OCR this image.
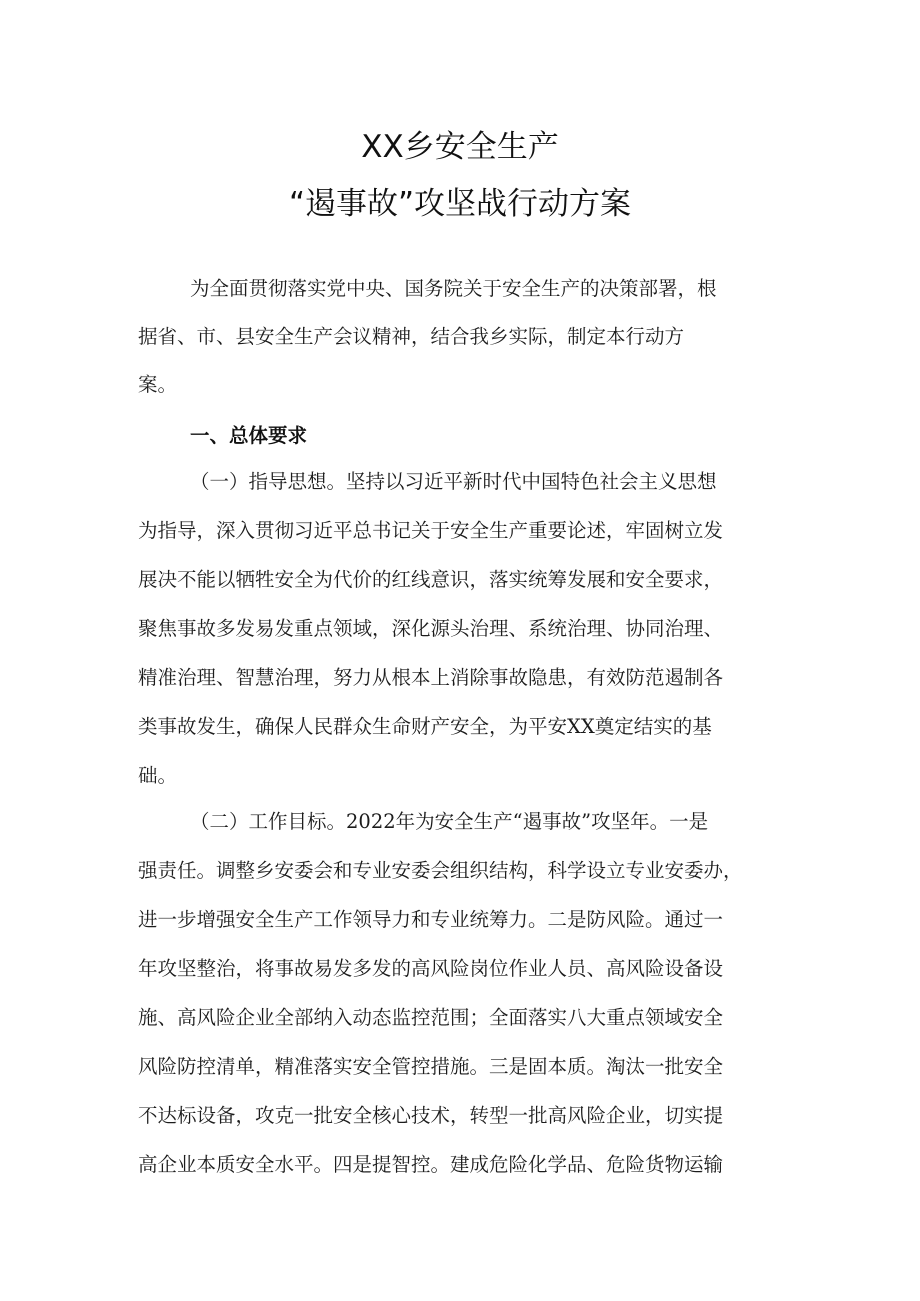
XX乡安全生产
“遏事故”攻坚战行动方案
为全面贯彻落实党中央、国务院关于安全生产的决策部署，根
据省、市、县安全生产会议精神，结合我乡实际，制定本行动方
案。
一、总体要求
（一）指导思想。坚持以习近平新时代中国特色社会主义思想
为指导，深入贯彻习近平总书记关于安全生产重要论述，牢固树立发
展决不能以牺牲安全为代价的红线意识，落实统筹发展和安全要求，
聚焦事故多发易发重点领域，深化源头治理、系统治理、协同治理、
精准治理、智慧治理，努力从根本上消除事故隐患，有效防范遏制各
类事故发生，确保人民群众生命财产安全，为平安XX奠定结实的基
础。
（二）工作目标。2022年为安全生产“遏事故”攻坚年。一是
强责任。调整乡安委会和专业安委会组织结构，科学设立专业安委办，
进一步增强安全生产工作领导力和专业统筹力。二是防风险。通过一
年攻坚整治，将事故易发多发的高风险岗位作业人员、高风险设备设
施、高风险企业全部纳入动态监控范围；全面落实八大重点领域安全
风险防控清单，精准落实安全管控措施。三是固本质。淘汰一批安全
不达标设备，攻克一批安全核心技术，转型一批高风险企业，切实提
高企业本质安全水平。四是提智控。建成危险化学品、危险货物运输
